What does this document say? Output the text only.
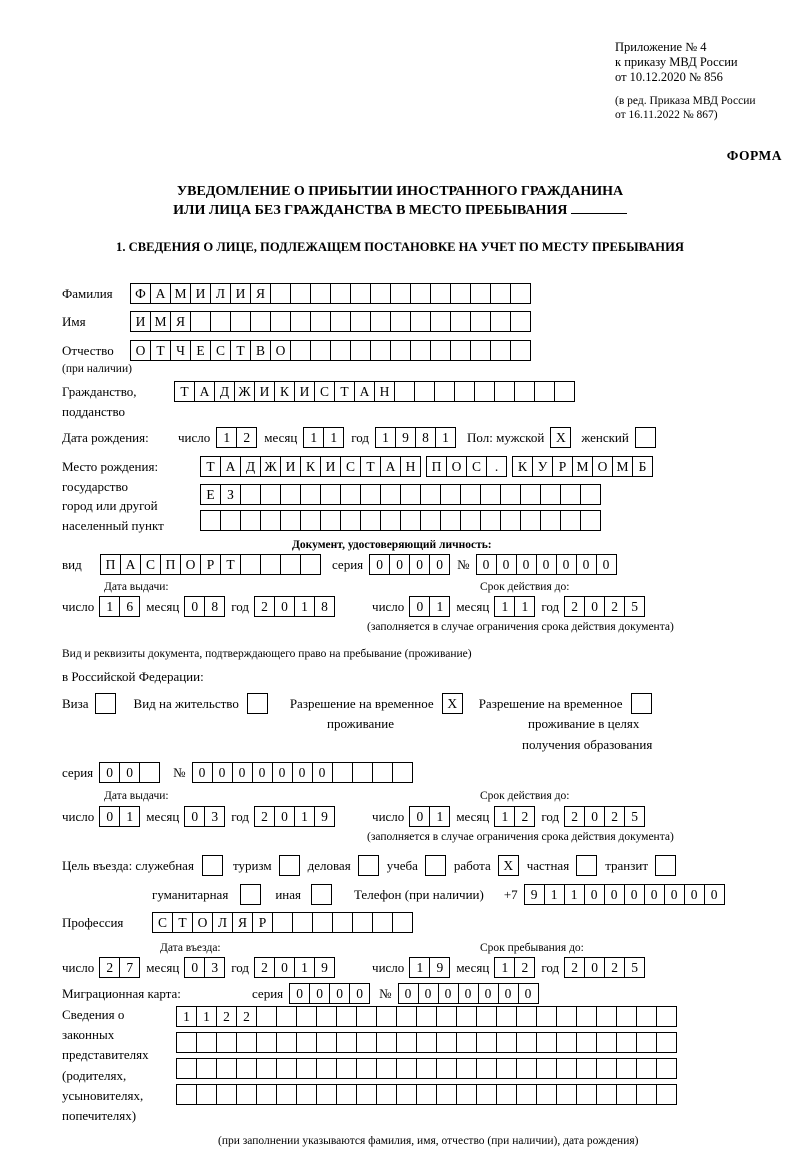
Приложение № 4
к приказу МВД России
от 10.12.2020 № 856
(в ред. Приказа МВД России
от 16.11.2022 № 867)
ФОРМА
УВЕДОМЛЕНИЕ О ПРИБЫТИИ ИНОСТРАННОГО ГРАЖДАНИНА
ИЛИ ЛИЦА БЕЗ ГРАЖДАНСТВА В МЕСТО ПРЕБЫВАНИЯ
1. СВЕДЕНИЯ О ЛИЦЕ, ПОДЛЕЖАЩЕМ ПОСТАНОВКЕ НА УЧЕТ ПО МЕСТУ ПРЕБЫВАНИЯ
Фамилия	Ф А М И Л И Я
Имя	И М Я
Отчество	О Т Ч Е С Т В О
(при наличии)
Гражданство,	Т А Д Ж И К И С Т А Н
подданство
Дата рождения:	число 1 2	месяц 1 1	год 1 9 8 1	Пол: мужской X	женский
Место рождения:	Т А Д Ж И К И С Т А Н	П О С	.	К У Р М О М Б
государство
Е З
город или другой
населенный пункт
Документ, удостоверяющий личность:
вид	П А С П О Р Т	серия 0 0 0 0	№ 0 0 0 0 0 0 0
Дата выдачи:	Срок действия до:
число 1 6	месяц 0 8	год 2 0 1 8	число 0 1	месяц 1 1	год 2 0 2 5
(заполняется в случае ограничения срока действия документа)
Вид и реквизиты документа, подтверждающего право на пребывание (проживание)
в Российской Федерации:
Виза	Вид на жительство	Разрешение на временное	X	Разрешение на временное
проживание	проживание в целях
получения образования
серия 0 0	№ 0 0 0 0 0 0 0
Дата выдачи:	Срок действия до:
число 0 1	месяц 0 3	год 2 0 1 9	число 0 1	месяц 1 2	год 2 0 2 5
(заполняется в случае ограничения срока действия документа)
Цель въезда: служебная	туризм	деловая	учеба	работа X	частная	транзит
гуманитарная	иная	Телефон (при наличии) +7 9 1 1 0 0 0 0 0 0 0
Профессия	С Т О Л Я Р
Дата въезда:	Срок пребывания до:
число 2 7	месяц 0 3	год 2 0 1 9	число 1 9	месяц 1 2	год 2 0 2 5
Миграционная карта:	серия 0 0 0 0	№ 0 0 0 0 0 0 0
Сведения о
законных
представителях
(родителях,
усыновителях,
попечителях)
1 1 2 2
(при заполнении указываются фамилия, имя, отчество (при наличии), дата рождения)
